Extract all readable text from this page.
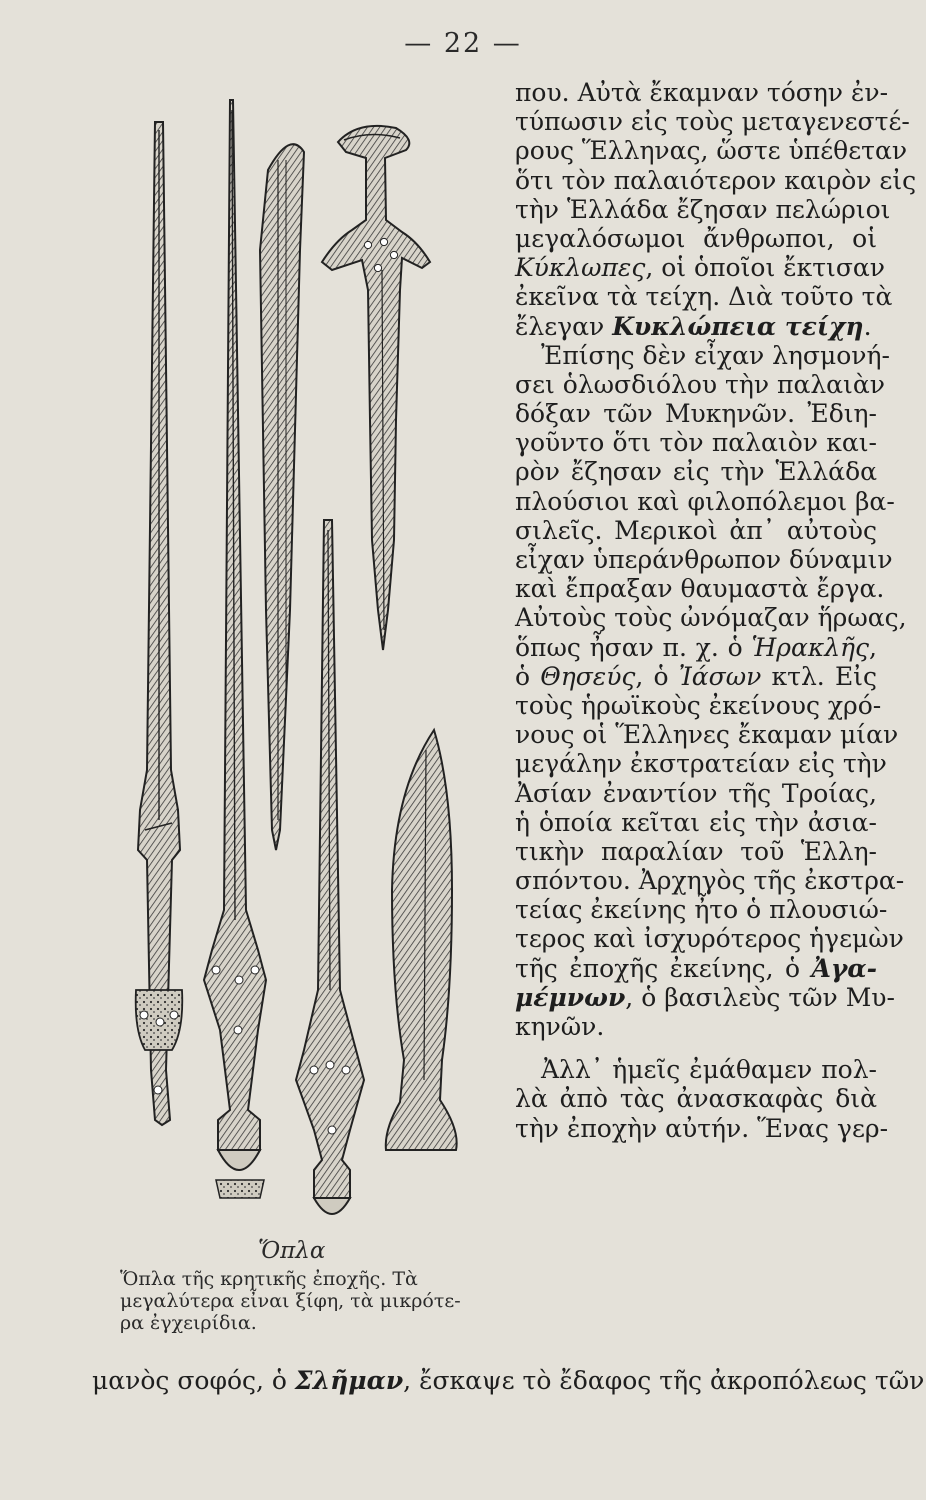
— 22 —
Ὅπλα
Ὅπλα τῆς κρητικῆς ἐποχῆς. Τὰ
μεγαλύτερα εἶναι ξίφη, τὰ μικρότε-
ρα ἐγχειρίδια.
που. Αὐτὰ ἔκαμναν τόσην ἐν-
τύπωσιν εἰς τοὺς μεταγενεστέ-
ρους Ἕλληνας, ὥστε ὑπέθεταν
ὅτι τὸν παλαιότερον καιρὸν εἰς
τὴν Ἑλλάδα ἔζησαν πελώριοι
μεγαλόσωμοι ἄνθρωποι, οἱ
Κύκλωπες, οἱ ὁποῖοι ἔκτισαν
ἐκεῖνα τὰ τείχη. Διὰ τοῦτο τὰ
ἔλεγαν Κυκλώπεια τείχη.
Ἐπίσης δὲν εἶχαν λησμονή-
σει ὁλωσδιόλου τὴν παλαιὰν
δόξαν τῶν Μυκηνῶν. Ἐδιη-
γοῦντο ὅτι τὸν παλαιὸν και-
ρὸν ἔζησαν εἰς τὴν Ἑλλάδα
πλούσιοι καὶ φιλοπόλεμοι βα-
σιλεῖς. Μερικοὶ ἀπ᾽ αὐτοὺς
εἶχαν ὑπεράνθρωπον δύναμιν
καὶ ἔπραξαν θαυμαστὰ ἔργα.
Αὐτοὺς τοὺς ὠνόμαζαν ἥρωας,
ὅπως ἦσαν π. χ. ὁ Ἡρακλῆς,
ὁ Θησεύς, ὁ Ἰάσων κτλ. Εἰς
τοὺς ἡρωϊκοὺς ἐκείνους χρό-
νους οἱ Ἕλληνες ἔκαμαν μίαν
μεγάλην ἐκστρατείαν εἰς τὴν
Ἀσίαν ἐναντίον τῆς Τροίας,
ἡ ὁποία κεῖται εἰς τὴν ἀσια-
τικὴν παραλίαν τοῦ Ἑλλη-
σπόντου. Ἀρχηγὸς τῆς ἐκστρα-
τείας ἐκείνης ἦτο ὁ πλουσιώ-
τερος καὶ ἰσχυρότερος ἡγεμὼν
τῆς ἐποχῆς ἐκείνης, ὁ Ἀγα-
μέμνων, ὁ βασιλεὺς τῶν Μυ-
κηνῶν.
Ἀλλ᾽ ἡμεῖς ἐμάθαμεν πολ-
λὰ ἀπὸ τὰς ἀνασκαφὰς διὰ
τὴν ἐποχὴν αὐτήν. Ἕνας γερ-
μανὸς σοφός, ὁ Σλῆμαν, ἔσκαψε τὸ ἔδαφος τῆς ἀκροπόλεως τῶν
